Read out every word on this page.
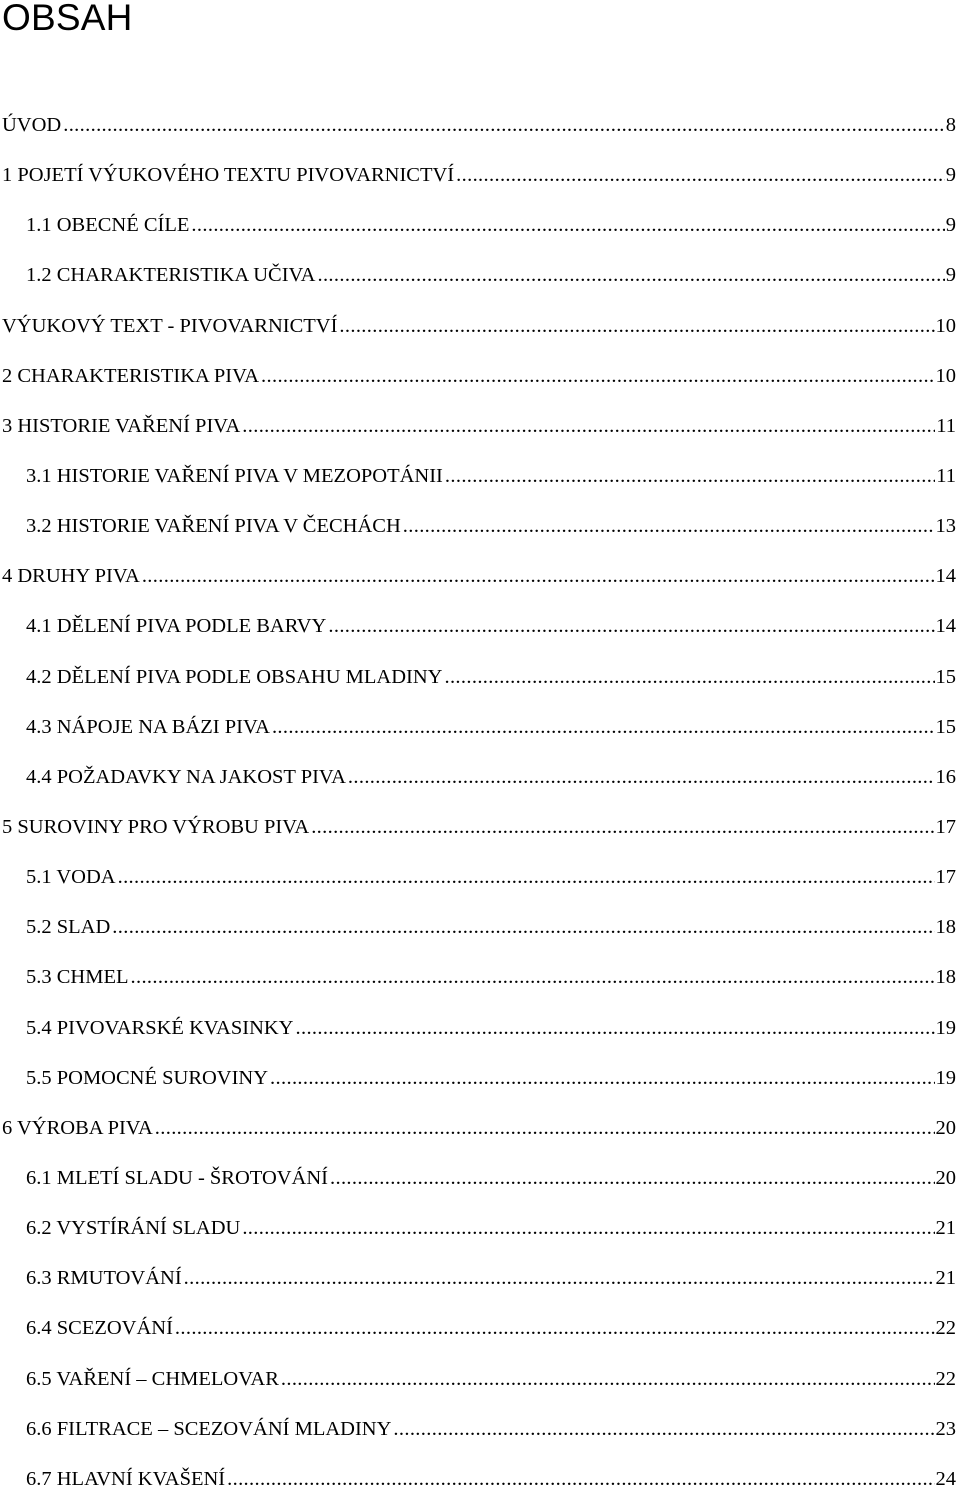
OBSAH
ÚVOD .....	8
1 POJETÍ VÝUKOVÉHO TEXTU PIVOVARNICTVÍ .....	9
1.1 OBECNÉ CÍLE .....	9
1.2 CHARAKTERISTIKA UČIVA .....	9
VÝUKOVÝ TEXT - PIVOVARNICTVÍ .....	10
2 CHARAKTERISTIKA PIVA .....	10
3 HISTORIE VAŘENÍ PIVA .....	11
3.1 HISTORIE VAŘENÍ PIVA V MEZOPOTÁNII .....	11
3.2 HISTORIE VAŘENÍ PIVA V ČECHÁCH .....	13
4 DRUHY PIVA .....	14
4.1 DĚLENÍ PIVA PODLE BARVY .....	14
4.2 DĚLENÍ PIVA PODLE OBSAHU MLADINY .....	15
4.3 NÁPOJE NA BÁZI PIVA .....	15
4.4 POŽADAVKY NA JAKOST PIVA .....	16
5 SUROVINY PRO VÝROBU PIVA .....	17
5.1 VODA .....	17
5.2 SLAD .....	18
5.3 CHMEL .....	18
5.4 PIVOVARSKÉ KVASINKY .....	19
5.5 POMOCNÉ SUROVINY .....	19
6 VÝROBA PIVA .....	20
6.1 MLETÍ SLADU - ŠROTOVÁNÍ .....	20
6.2 VYSTÍRÁNÍ SLADU .....	21
6.3 RMUTOVÁNÍ .....	21
6.4 SCEZOVÁNÍ .....	22
6.5 VAŘENÍ – CHMELOVAR .....	22
6.6 FILTRACE – SCEZOVÁNÍ MLADINY .....	23
6.7 HLAVNÍ KVAŠENÍ .....	24
